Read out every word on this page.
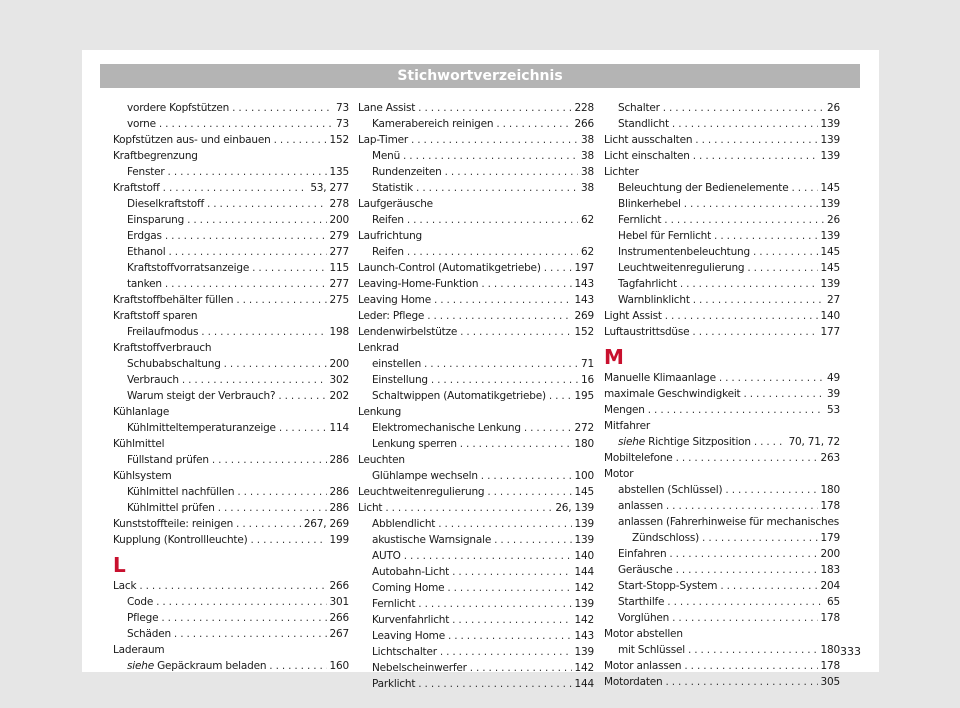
Stichwortverzeichnis
vordere Kopfstützen . . .	73
vorne . . .	73
Kopfstützen aus- und einbauen . . .	152
Kraftbegrenzung
Fenster . . .	135
Kraftstoff . . .	53, 277
Dieselkraftstoff . . .	278
Einsparung . . .	200
Erdgas . . .	279
Ethanol . . .	277
Kraftstoffvorratsanzeige . . .	115
tanken . . .	277
Kraftstoffbehälter füllen . . .	275
Kraftstoff sparen
Freilaufmodus . . .	198
Kraftstoffverbrauch
Schubabschaltung . . .	200
Verbrauch . . .	302
Warum steigt der Verbrauch? . . .	202
Kühlanlage
Kühlmitteltemperaturanzeige . . .	114
Kühlmittel
Füllstand prüfen . . .	286
Kühlsystem
Kühlmittel nachfüllen . . .	286
Kühlmittel prüfen . . .	286
Kunststoffteile: reinigen . . .	267, 269
Kupplung (Kontrollleuchte) . . .	199
L
Lack . . .	266
Code . . .	301
Pflege . . .	266
Schäden . . .	267
Laderaum
siehe Gepäckraum beladen . . .	160
Lane Assist . . .	228
Kamerabereich reinigen . . .	266
Lap-Timer . . .	38
Menü . . .	38
Rundenzeiten . . .	38
Statistik . . .	38
Laufgeräusche
Reifen . . .	62
Laufrichtung
Reifen . . .	62
Launch-Control (Automatikgetriebe) . . .	197
Leaving-Home-Funktion . . .	143
Leaving Home . . .	143
Leder: Pflege . . .	269
Lendenwirbelstütze . . .	152
Lenkrad
einstellen . . .	71
Einstellung . . .	16
Schaltwippen (Automatikgetriebe) . . .	195
Lenkung
Elektromechanische Lenkung . . .	272
Lenkung sperren . . .	180
Leuchten
Glühlampe wechseln . . .	100
Leuchtweitenregulierung . . .	145
Licht . . .	26, 139
Abblendlicht . . .	139
akustische Warnsignale . . .	139
AUTO . . .	140
Autobahn-Licht . . .	144
Coming Home . . .	142
Fernlicht . . .	139
Kurvenfahrlicht . . .	142
Leaving Home . . .	143
Lichtschalter . . .	139
Nebelscheinwerfer . . .	142
Parklicht . . .	144
Schalter . . .	26
Standlicht . . .	139
Licht ausschalten . . .	139
Licht einschalten . . .	139
Lichter
Beleuchtung der Bedienelemente . . .	145
Blinkerhebel . . .	139
Fernlicht . . .	26
Hebel für Fernlicht . . .	139
Instrumentenbeleuchtung . . .	145
Leuchtweitenregulierung . . .	145
Tagfahrlicht . . .	139
Warnblinklicht . . .	27
Light Assist . . .	140
Luftaustrittsdüse . . .	177
M
Manuelle Klimaanlage . . .	49
maximale Geschwindigkeit . . .	39
Mengen . . .	53
Mitfahrer
siehe Richtige Sitzposition . . .	70, 71, 72
Mobiltelefone . . .	263
Motor
abstellen (Schlüssel) . . .	180
anlassen . . .	178
anlassen (Fahrerhinweise für mechanisches
Zündschloss) . . .	179
Einfahren . . .	200
Geräusche . . .	183
Start-Stopp-System . . .	204
Starthilfe . . .	65
Vorglühen . . .	178
Motor abstellen
mit Schlüssel . . .	180
Motor anlassen . . .	178
Motordaten . . .	305
333
